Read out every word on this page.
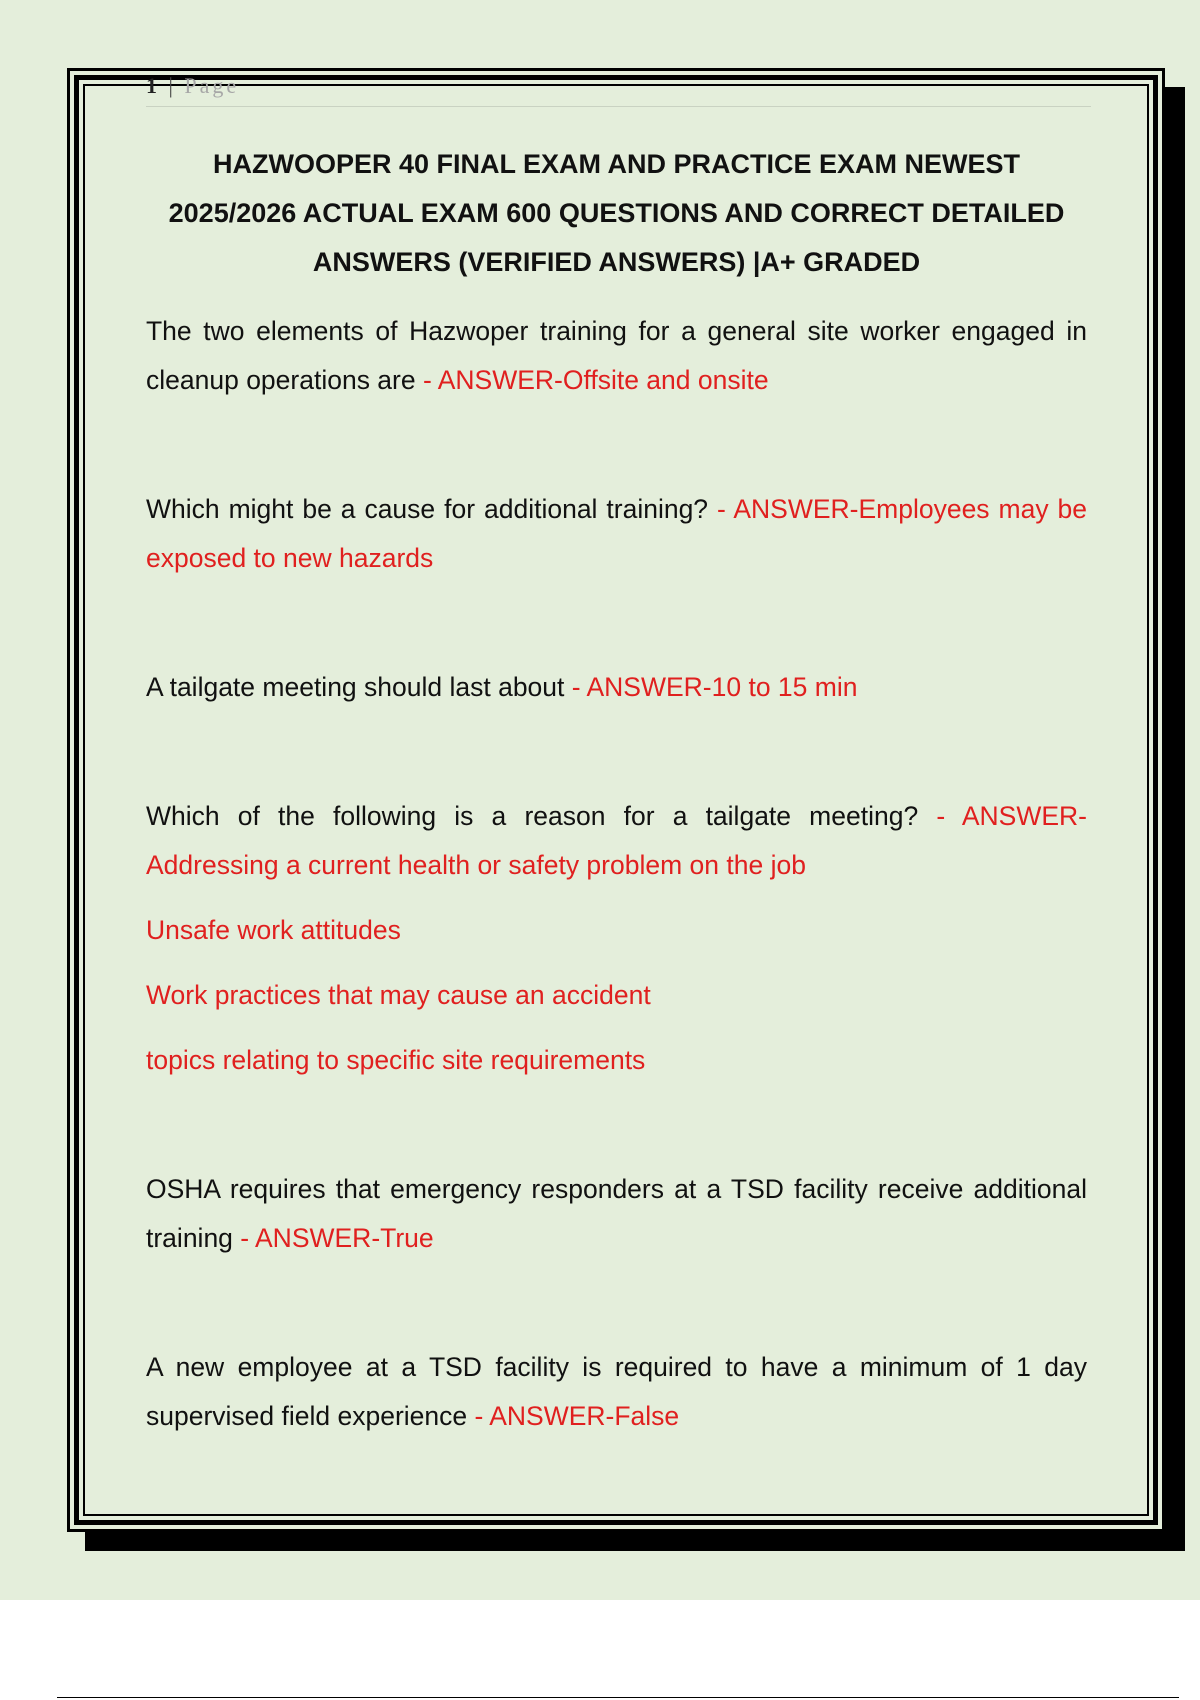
1 | Page
HAZWOOPER 40 FINAL EXAM AND PRACTICE EXAM NEWEST
2025/2026 ACTUAL EXAM 600 QUESTIONS AND CORRECT DETAILED
ANSWERS (VERIFIED ANSWERS) |A+ GRADED

The two elements of Hazwoper training for a general site worker engaged in cleanup operations are - ANSWER-Offsite and onsite

Which might be a cause for additional training? - ANSWER-Employees may be exposed to new hazards

A tailgate meeting should last about - ANSWER-10 to 15 min

Which of the following is a reason for a tailgate meeting? - ANSWER-Addressing a current health or safety problem on the job

Unsafe work attitudes

Work practices that may cause an accident

topics relating to specific site requirements

OSHA requires that emergency responders at a TSD facility receive additional training - ANSWER-True

A new employee at a TSD facility is required to have a minimum of 1 day supervised field experience - ANSWER-False
